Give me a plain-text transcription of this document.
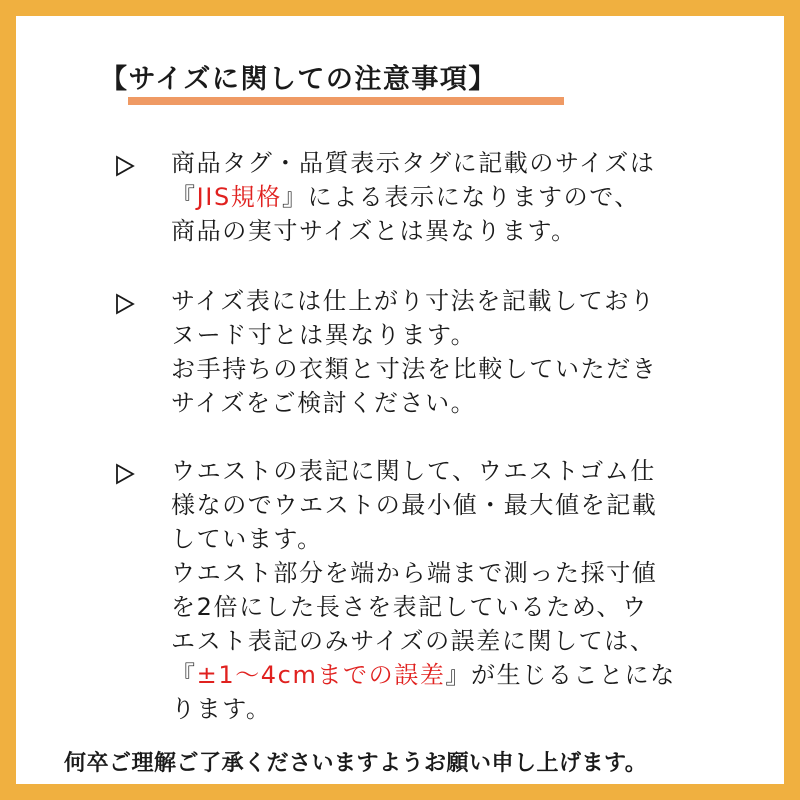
【サイズに関しての注意事項】
商品タグ・品質表示タグに記載のサイズは
『JIS規格』による表示になりますので、
商品の実寸サイズとは異なります。
サイズ表には仕上がり寸法を記載しており
ヌード寸とは異なります。
お手持ちの衣類と寸法を比較していただき
サイズをご検討ください。
ウエストの表記に関して、ウエストゴム仕
様なのでウエストの最小値・最大値を記載
しています。
ウエスト部分を端から端まで測った採寸値
を2倍にした長さを表記しているため、ウ
エスト表記のみサイズの誤差に関しては、
『±1〜4cmまでの誤差』が生じることにな
ります。

何卒ご理解ご了承くださいますようお願い申し上げます。
